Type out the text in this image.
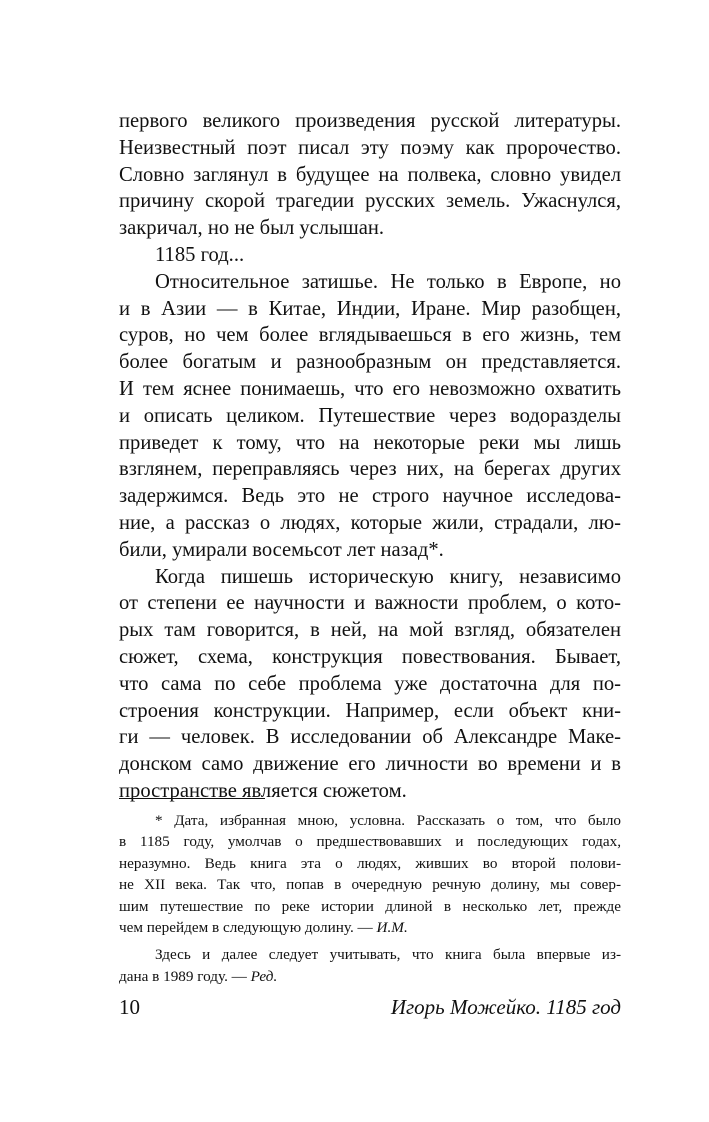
первого великого произведения русской литературы.
Неизвестный поэт писал эту поэму как пророчество.
Словно заглянул в будущее на полвека, словно увидел
причину скорой трагедии русских земель. Ужаснулся,
закричал, но не был услышан.
1185 год...
Относительное затишье. Не только в Европе, но
и в Азии — в Китае, Индии, Иране. Мир разобщен,
суров, но чем более вглядываешься в его жизнь, тем
более богатым и разнообразным он представляется.
И тем яснее понимаешь, что его невозможно охватить
и описать целиком. Путешествие через водоразделы
приведет к тому, что на некоторые реки мы лишь
взглянем, переправляясь через них, на берегах других
задержимся. Ведь это не строго научное исследова-
ние, а рассказ о людях, которые жили, страдали, лю-
били, умирали восемьсот лет назад*.
Когда пишешь историческую книгу, независимо
от степени ее научности и важности проблем, о кото-
рых там говорится, в ней, на мой взгляд, обязателен
сюжет, схема, конструкция повествования. Бывает,
что сама по себе проблема уже достаточна для по-
строения конструкции. Например, если объект кни-
ги — человек. В исследовании об Александре Маке-
донском само движение его личности во времени и в
пространстве является сюжетом.
* Дата, избранная мною, условна. Рассказать о том, что было
в 1185 году, умолчав о предшествовавших и последующих годах,
неразумно. Ведь книга эта о людях, живших во второй полови-
не XII века. Так что, попав в очередную речную долину, мы совер-
шим путешествие по реке истории длиной в несколько лет, прежде
чем перейдем в следующую долину. — И.М.
Здесь и далее следует учитывать, что книга была впервые из-
дана в 1989 году. — Ред.
10	Игорь Можейко. 1185 год
